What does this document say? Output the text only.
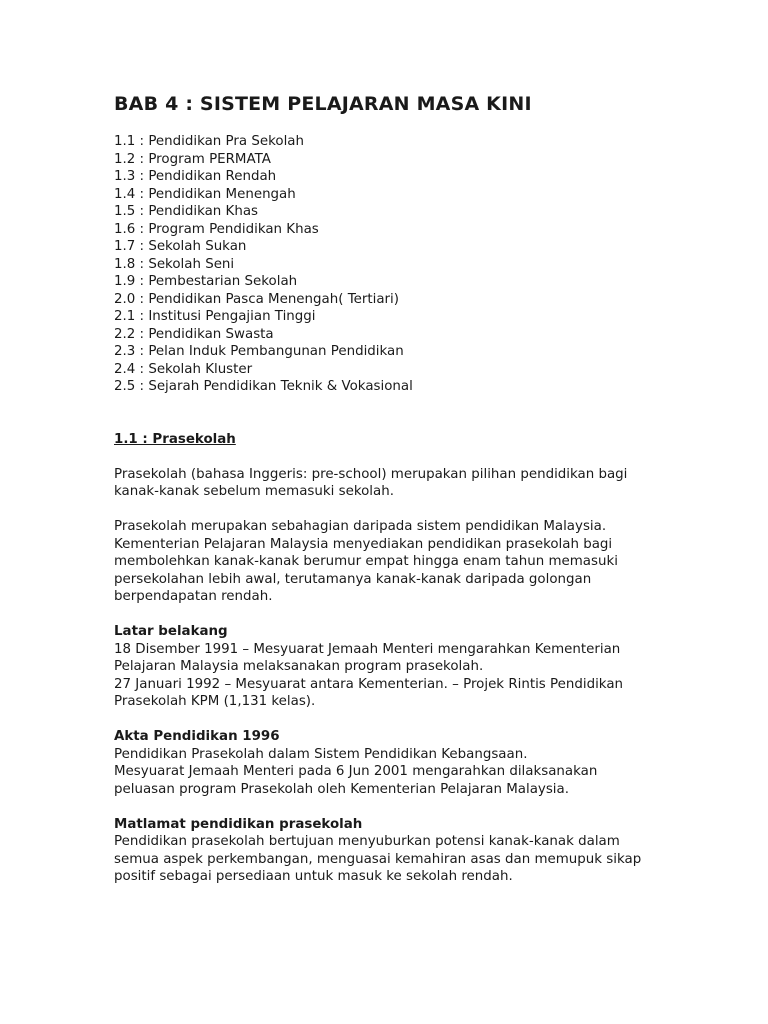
BAB 4 : SISTEM PELAJARAN MASA KINI
1.1 : Pendidikan Pra Sekolah
1.2 : Program PERMATA
1.3 : Pendidikan Rendah
1.4 : Pendidikan Menengah
1.5 : Pendidikan Khas
1.6 : Program Pendidikan Khas
1.7 : Sekolah Sukan
1.8 : Sekolah Seni
1.9 : Pembestarian Sekolah
2.0 : Pendidikan Pasca Menengah( Tertiari)
2.1 : Institusi Pengajian Tinggi
2.2 : Pendidikan Swasta
2.3 : Pelan Induk Pembangunan Pendidikan
2.4 : Sekolah Kluster
2.5 : Sejarah Pendidikan Teknik & Vokasional
1.1 : Prasekolah

Prasekolah (bahasa Inggeris: pre-school) merupakan pilihan pendidikan bagi
kanak-kanak sebelum memasuki sekolah.

Prasekolah merupakan sebahagian daripada sistem pendidikan Malaysia.
Kementerian Pelajaran Malaysia menyediakan pendidikan prasekolah bagi
membolehkan kanak-kanak berumur empat hingga enam tahun memasuki
persekolahan lebih awal, terutamanya kanak-kanak daripada golongan
berpendapatan rendah.

Latar belakang

18 Disember 1991 – Mesyuarat Jemaah Menteri mengarahkan Kementerian
Pelajaran Malaysia melaksanakan program prasekolah.
27 Januari 1992 – Mesyuarat antara Kementerian. – Projek Rintis Pendidikan
Prasekolah KPM (1,131 kelas).

Akta Pendidikan 1996

Pendidikan Prasekolah dalam Sistem Pendidikan Kebangsaan.
Mesyuarat Jemaah Menteri pada 6 Jun 2001 mengarahkan dilaksanakan
peluasan program Prasekolah oleh Kementerian Pelajaran Malaysia.

Matlamat pendidikan prasekolah

Pendidikan prasekolah bertujuan menyuburkan potensi kanak-kanak dalam
semua aspek perkembangan, menguasai kemahiran asas dan memupuk sikap
positif sebagai persediaan untuk masuk ke sekolah rendah.
